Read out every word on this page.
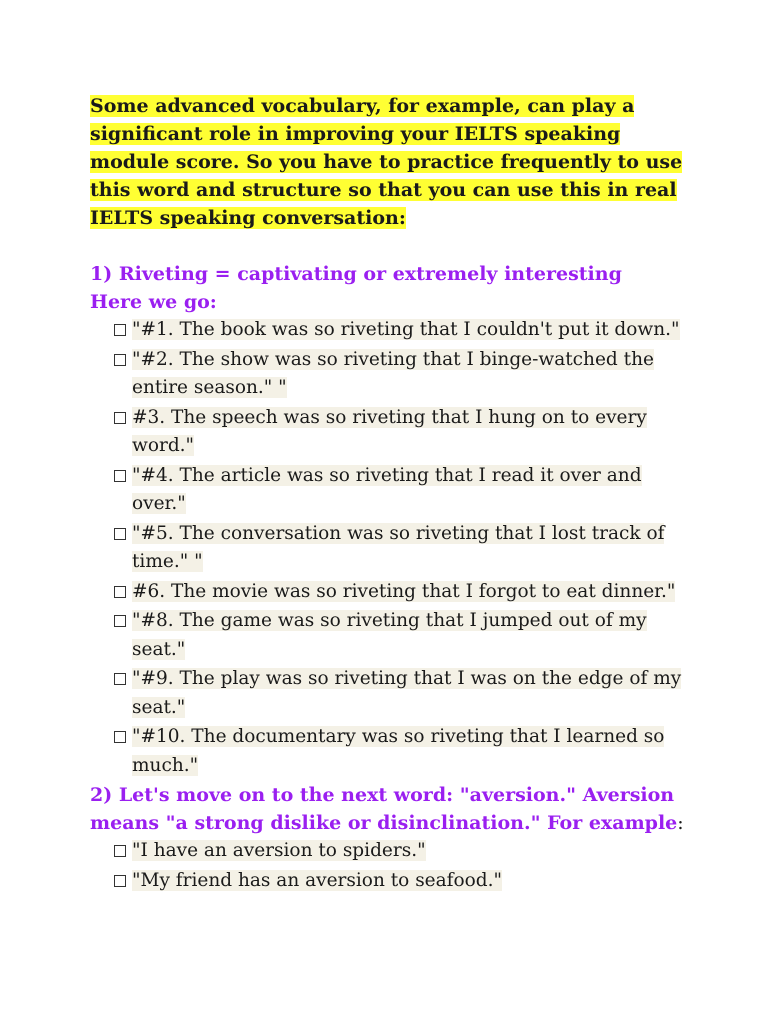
Some advanced vocabulary, for example, can play a significant role in improving your IELTS speaking module score. So you have to practice frequently to use this word and structure so that you can use this in real IELTS speaking conversation:

1) Riveting = captivating or extremely interesting

Here we go:

"#1. The book was so riveting that I couldn't put it down."
"#2. The show was so riveting that I binge-watched the entire season." "
#3. The speech was so riveting that I hung on to every word."
"#4. The article was so riveting that I read it over and over."
"#5. The conversation was so riveting that I lost track of time." "
#6. The movie was so riveting that I forgot to eat dinner."
"#8. The game was so riveting that I jumped out of my seat."
"#9. The play was so riveting that I was on the edge of my seat."
"#10. The documentary was so riveting that I learned so much."

2) Let's move on to the next word: "aversion." Aversion means "a strong dislike or disinclination." For example:

"I have an aversion to spiders."
"My friend has an aversion to seafood."
